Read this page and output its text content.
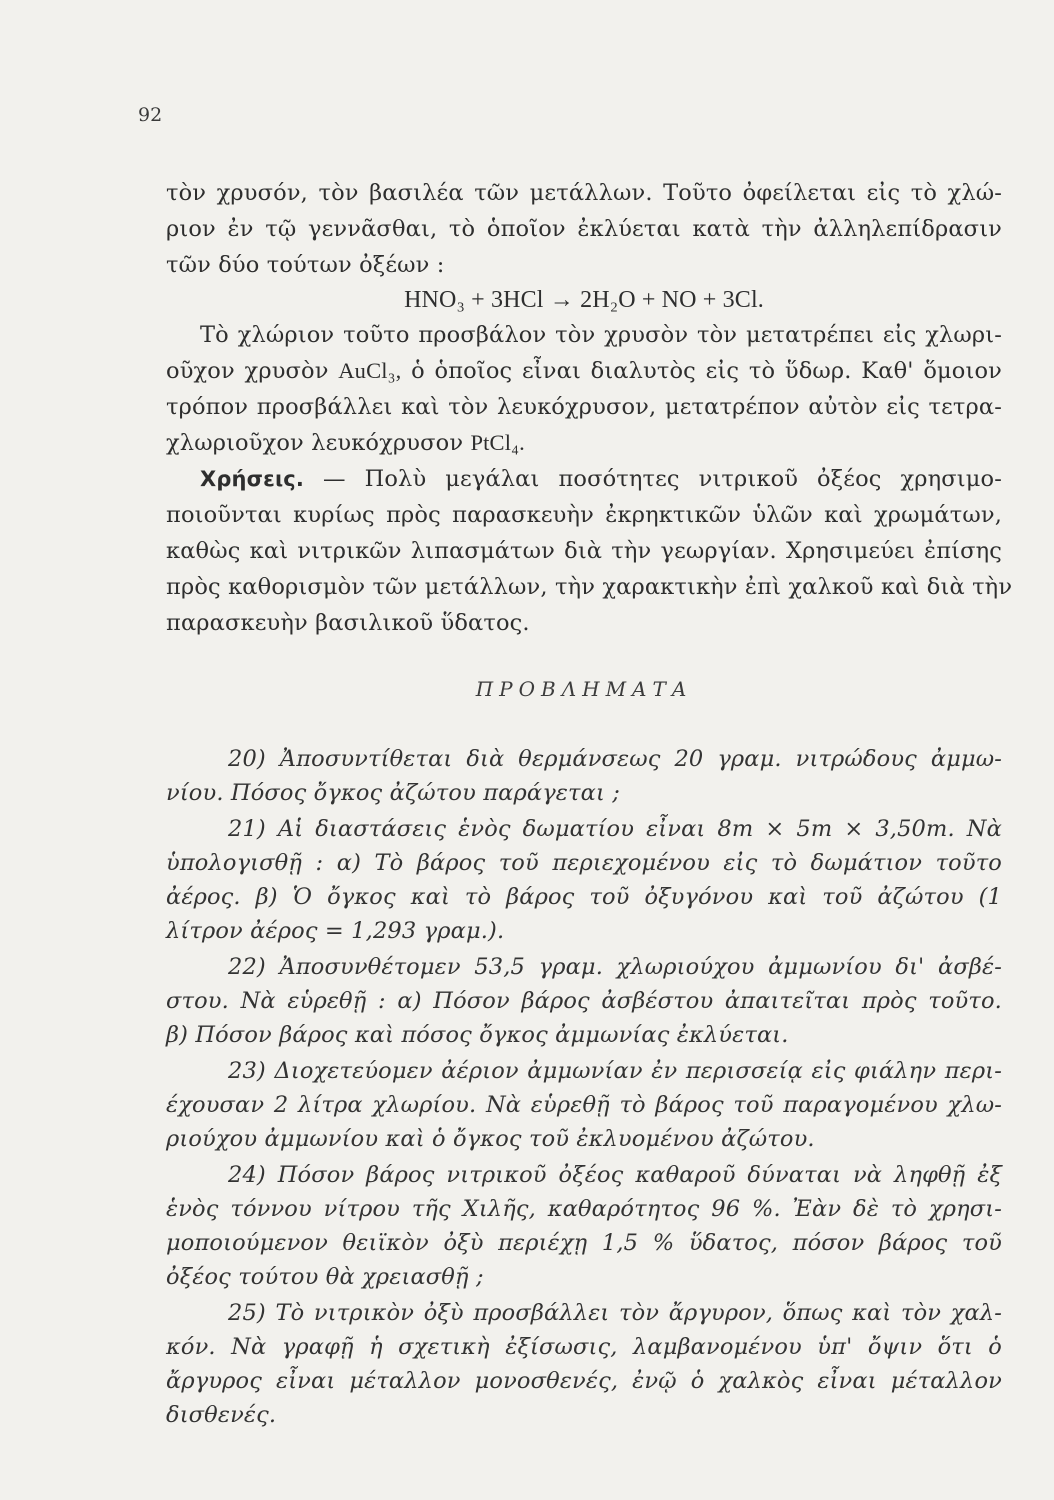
92
τὸν χρυσόν, τὸν βασιλέα τῶν μετάλλων. Τοῦτο ὀφείλεται εἰς τὸ χλώ-
ριον ἐν τῷ γεννᾶσθαι, τὸ ὁποῖον ἐκλύεται κατὰ τὴν ἀλληλεπίδρασιν
τῶν δύο τούτων ὀξέων :
HNO₃ + 3HCl → 2H₂O + NO + 3Cl.
Τὸ χλώριον τοῦτο προσβάλον τὸν χρυσὸν τὸν μετατρέπει εἰς χλωρι-
οῦχον χρυσὸν AuCl₃, ὁ ὁποῖος εἶναι διαλυτὸς εἰς τὸ ὕδωρ. Καθ' ὅμοιον
τρόπον προσβάλλει καὶ τὸν λευκόχρυσον, μετατρέπον αὐτὸν εἰς τετρα-
χλωριοῦχον λευκόχρυσον PtCl₄.
Χρήσεις. — Πολὺ μεγάλαι ποσότητες νιτρικοῦ ὀξέος χρησιμο-
ποιοῦνται κυρίως πρὸς παρασκευὴν ἐκρηκτικῶν ὑλῶν καὶ χρωμάτων,
καθὼς καὶ νιτρικῶν λιπασμάτων διὰ τὴν γεωργίαν. Χρησιμεύει ἐπίσης
πρὸς καθορισμὸν τῶν μετάλλων, τὴν χαρακτικὴν ἐπὶ χαλκοῦ καὶ διὰ τὴν
παρασκευὴν βασιλικοῦ ὕδατος.
ΠΡΟΒΛΗΜΑΤΑ
20) Ἀποσυντίθεται διὰ θερμάνσεως 20 γραμ. νιτρώδους ἀμμω-
νίου. Πόσος ὄγκος ἀζώτου παράγεται ;
21) Αἱ διαστάσεις ἑνὸς δωματίου εἶναι 8m × 5m × 3,50m. Νὰ
ὑπολογισθῇ : α) Τὸ βάρος τοῦ περιεχομένου εἰς τὸ δωμάτιον τοῦτο
ἀέρος. β) Ὁ ὄγκος καὶ τὸ βάρος τοῦ ὀξυγόνου καὶ τοῦ ἀζώτου (1
λίτρον ἀέρος = 1,293 γραμ.).
22) Ἀποσυνθέτομεν 53,5 γραμ. χλωριούχου ἀμμωνίου δι' ἀσβέ-
στου. Νὰ εὑρεθῇ : α) Πόσον βάρος ἀσβέστου ἀπαιτεῖται πρὸς τοῦτο.
β) Πόσον βάρος καὶ πόσος ὄγκος ἀμμωνίας ἐκλύεται.
23) Διοχετεύομεν ἀέριον ἀμμωνίαν ἐν περισσείᾳ εἰς φιάλην περι-
έχουσαν 2 λίτρα χλωρίου. Νὰ εὑρεθῇ τὸ βάρος τοῦ παραγομένου χλω-
ριούχου ἀμμωνίου καὶ ὁ ὄγκος τοῦ ἐκλυομένου ἀζώτου.
24) Πόσον βάρος νιτρικοῦ ὀξέος καθαροῦ δύναται νὰ ληφθῇ ἐξ
ἑνὸς τόννου νίτρου τῆς Χιλῆς, καθαρότητος 96 %. Ἐὰν δὲ τὸ χρησι-
μοποιούμενον θειϊκὸν ὀξὺ περιέχῃ 1,5 % ὕδατος, πόσον βάρος τοῦ
ὀξέος τούτου θὰ χρειασθῇ ;
25) Τὸ νιτρικὸν ὀξὺ προσβάλλει τὸν ἄργυρον, ὅπως καὶ τὸν χαλ-
κόν. Νὰ γραφῇ ἡ σχετικὴ ἐξίσωσις, λαμβανομένου ὑπ' ὄψιν ὅτι ὁ
ἄργυρος εἶναι μέταλλον μονοσθενές, ἐνῷ ὁ χαλκὸς εἶναι μέταλλον
δισθενές.
